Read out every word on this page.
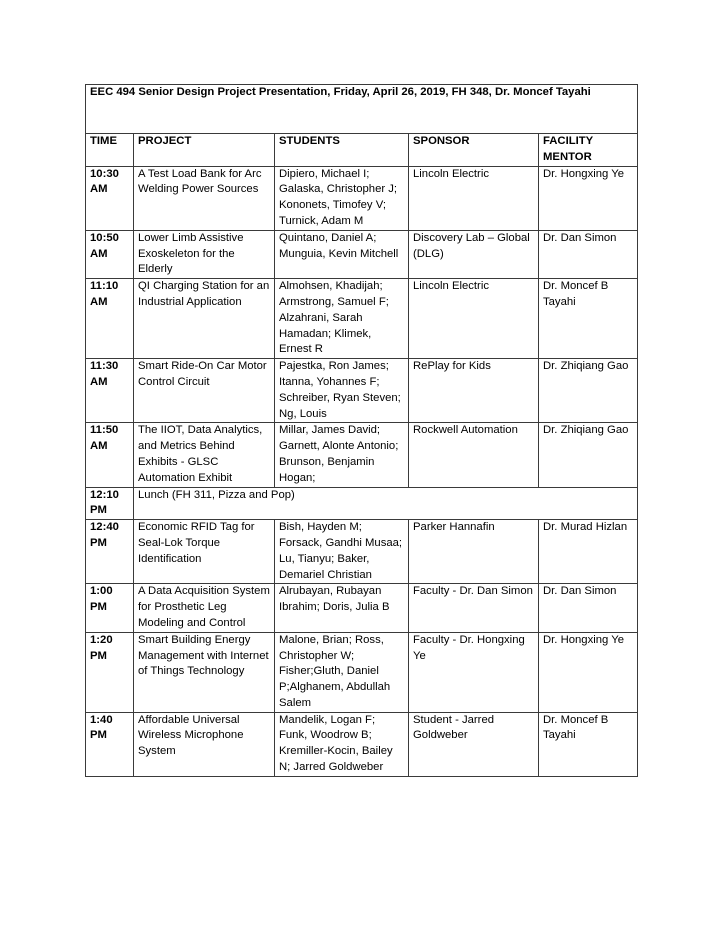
EEC 494 Senior Design Project Presentation, Friday, April 26, 2019, FH 348, Dr. Moncef Tayahi				

TIME	PROJECT	STUDENTS	SPONSOR	FACILITY MENTOR
10:30 AM	A Test Load Bank for Arc Welding Power Sources	Dipiero, Michael I; Galaska, Christopher J; Kononets, Timofey V; Turnick, Adam M	Lincoln Electric	Dr. Hongxing Ye
10:50 AM	Lower Limb Assistive Exoskeleton for the Elderly	Quintano, Daniel A; Munguia, Kevin Mitchell	Discovery Lab – Global (DLG)	Dr. Dan Simon
11:10 AM	QI Charging Station for an Industrial Application	Almohsen, Khadijah; Armstrong, Samuel F; Alzahrani, Sarah Hamadan; Klimek, Ernest R	Lincoln Electric	Dr. Moncef B Tayahi
11:30 AM	Smart Ride-On Car Motor Control Circuit	Pajestka, Ron James; Itanna, Yohannes F; Schreiber, Ryan Steven; Ng, Louis	RePlay for Kids	Dr. Zhiqiang Gao
11:50 AM	The IIOT, Data Analytics, and Metrics Behind Exhibits - GLSC Automation Exhibit	Millar, James David; Garnett, Alonte Antonio; Brunson, Benjamin Hogan;	Rockwell Automation	Dr. Zhiqiang Gao
12:10 PM	Lunch (FH 311, Pizza and Pop)			
12:40 PM	Economic RFID Tag for Seal-Lok Torque Identification	Bish, Hayden M; Forsack, Gandhi Musaa; Lu, Tianyu; Baker, Demariel Christian	Parker Hannafin	Dr. Murad Hizlan
1:00 PM	A Data Acquisition System for Prosthetic Leg Modeling and Control	Alrubayan, Rubayan Ibrahim; Doris, Julia B	Faculty - Dr. Dan Simon	Dr. Dan Simon
1:20 PM	Smart Building Energy Management with Internet of Things Technology	Malone, Brian; Ross, Christopher W; Fisher;Gluth, Daniel P;Alghanem, Abdullah Salem	Faculty - Dr. Hongxing Ye	Dr. Hongxing Ye
1:40 PM	Affordable Universal Wireless Microphone System	Mandelik, Logan F; Funk, Woodrow B; Kremiller-Kocin, Bailey N; Jarred Goldweber	Student - Jarred Goldweber	Dr. Moncef B Tayahi
